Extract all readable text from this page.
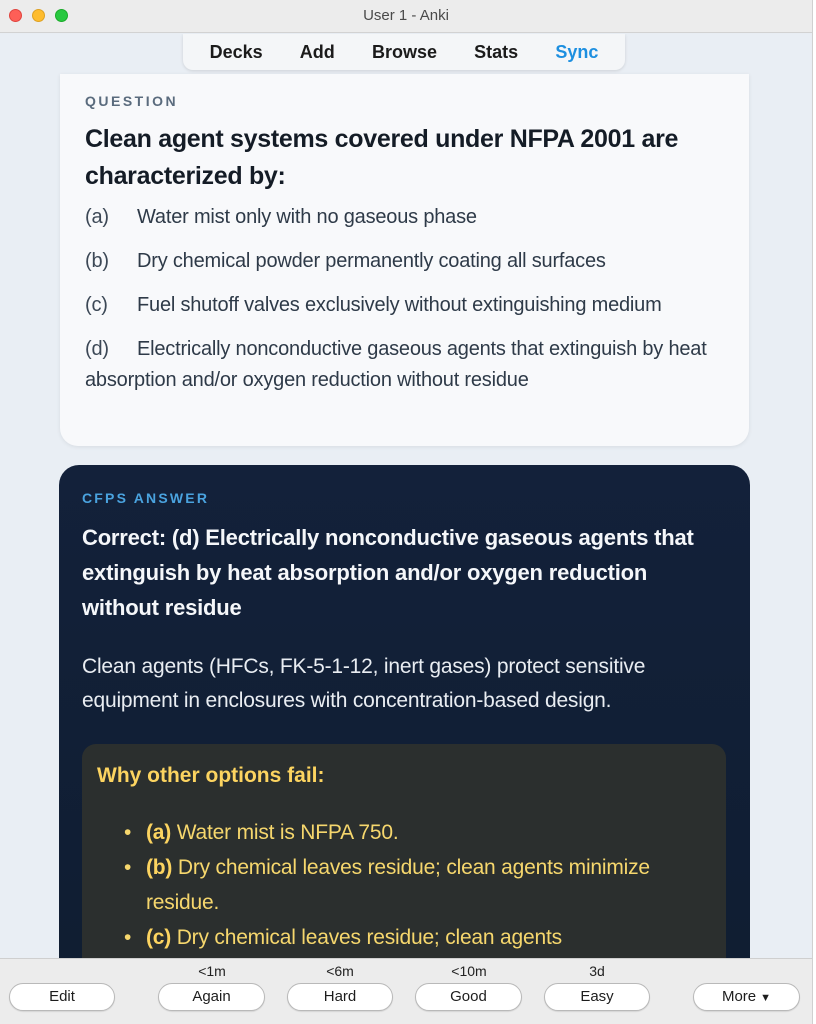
User 1 - Anki
Decks	Add	Browse	Stats	Sync
QUESTION
Clean agent systems covered under NFPA 2001 are characterized by:
(a) Water mist only with no gaseous phase
(b) Dry chemical powder permanently coating all surfaces
(c) Fuel shutoff valves exclusively without extinguishing medium
(d) Electrically nonconductive gaseous agents that extinguish by heat absorption and/or oxygen reduction without residue
CFPS ANSWER
Correct: (d) Electrically nonconductive gaseous agents that extinguish by heat absorption and/or oxygen reduction without residue
Clean agents (HFCs, FK-5-1-12, inert gases) protect sensitive equipment in enclosures with concentration-based design.
Why other options fail:
• (a) Water mist is NFPA 750.
• (b) Dry chemical leaves residue; clean agents minimize residue.
• (c) Dry chemical leaves residue; clean agents
Edit
<1m
Again
<6m
Hard
<10m
Good
3d
Easy	More ▼
